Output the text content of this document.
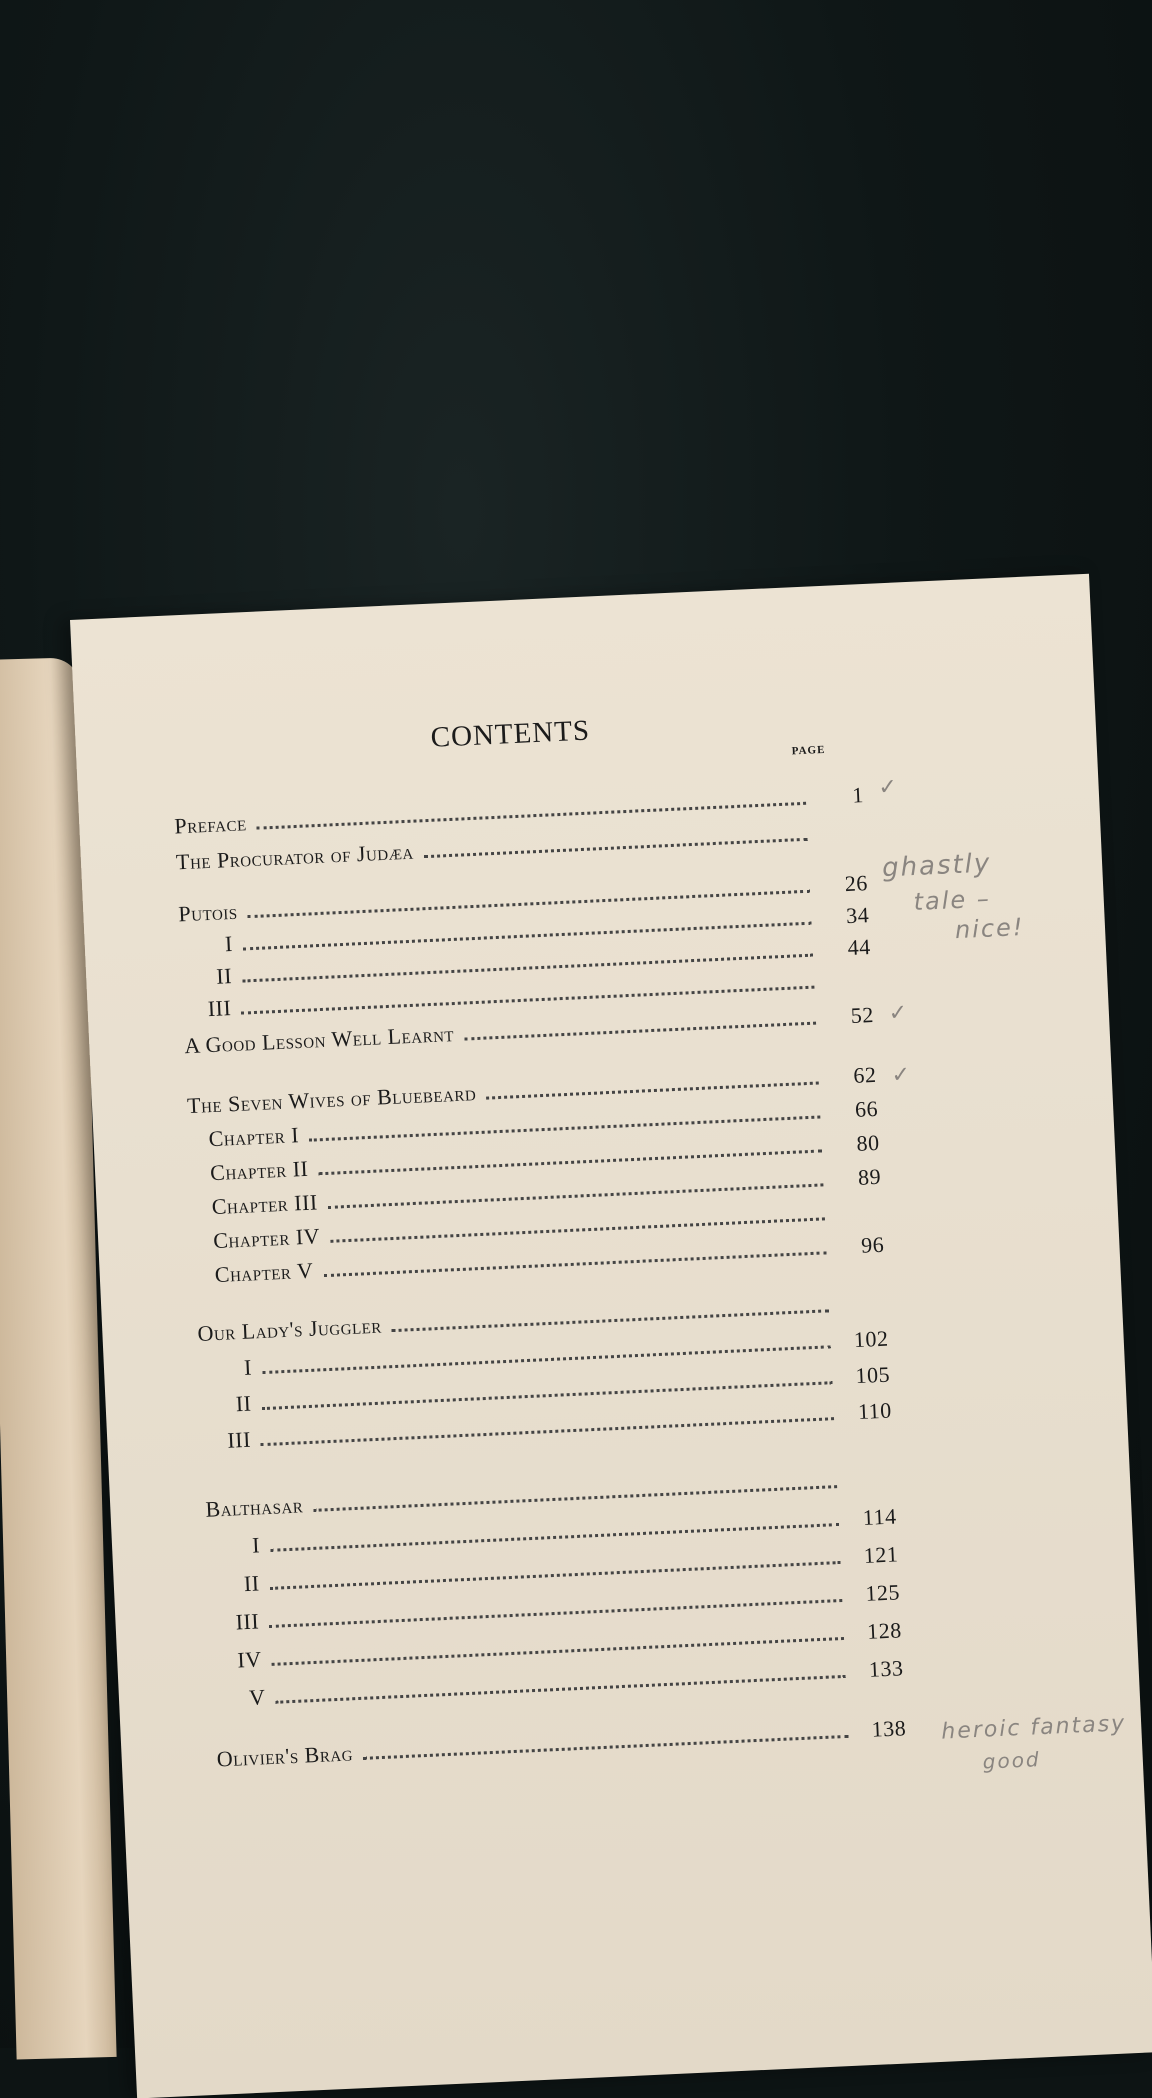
CONTENTS	PAGE
Preface
1
The Procurator of Judæa
Putois
26
I
34
II
44
III
A Good Lesson Well Learnt
52
The Seven Wives of Bluebeard
62
Chapter I
66
Chapter II
80
Chapter III
89
Chapter IV
Chapter V
96
Our Lady's Juggler
I
102
II
105
III
110
Balthasar
I
114
II
121
III
125
IV
128
V
133
Olivier's Brag
138
✓
ghastly
tale –
nice!
✓
✓
heroic fantasy
good
